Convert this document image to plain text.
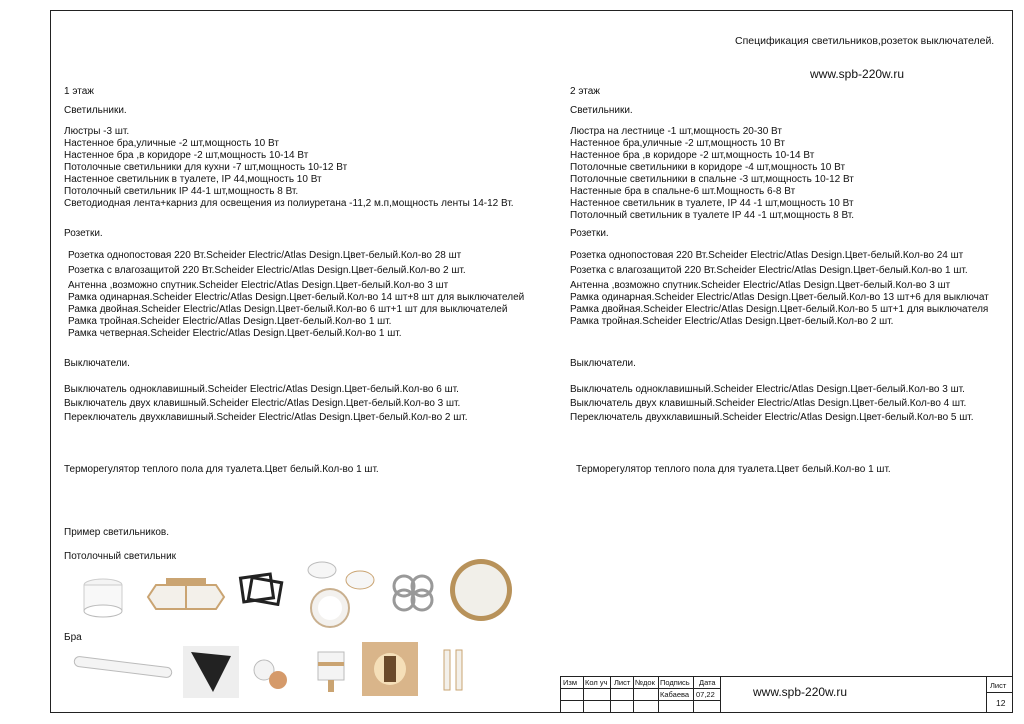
Спецификация светильников,розеток выключателей.
www.spb-220w.ru
1 этаж
Светильники.
Люстры -3 шт.
Настенное бра,уличные -2 шт,мощность 10 Вт
Настенное бра ,в коридоре -2 шт,мощность 10-14 Вт
Потолочные светильники для кухни -7 шт,мощность 10-12 Вт
Настенное светильник в туалете, IP 44,мощность 10 Вт
Потолочный светильник IP 44-1 шт,мощность 8 Вт.
Светодиодная лента+карниз для освещения из полиуретана -11,2 м.п,мощность ленты 14-12 Вт.
Розетки.
Розетка однопостовая 220 Вт.Scheider Electric/Atlas Design.Цвет-белый.Кол-во 28 шт
Розетка с влагозащитой 220 Вт.Scheider Electric/Atlas Design.Цвет-белый.Кол-во 2 шт.
Антенна ,возможно спутник.Scheider Electric/Atlas Design.Цвет-белый.Кол-во 3 шт
Рамка одинарная.Scheider Electric/Atlas Design.Цвет-белый.Кол-во 14 шт+8 шт для выключателей
Рамка двойная.Scheider Electric/Atlas Design.Цвет-белый.Кол-во 6 шт+1 шт для выключателей
Рамка тройная.Scheider Electric/Atlas Design.Цвет-белый.Кол-во 1 шт.
Рамка четверная.Scheider Electric/Atlas Design.Цвет-белый.Кол-во 1 шт.
Выключатели.
Выключатель одноклавишный.Scheider Electric/Atlas Design.Цвет-белый.Кол-во 6 шт.
Выключатель двух клавишный.Scheider Electric/Atlas Design.Цвет-белый.Кол-во 3 шт.
Переключатель двухклавишный.Scheider Electric/Atlas Design.Цвет-белый.Кол-во 2 шт.
Терморегулятор теплого пола для туалета.Цвет белый.Кол-во 1 шт.
2 этаж
Светильники.
Люстра на лестнице -1 шт,мощность 20-30 Вт
Настенное бра,уличные -2 шт,мощность 10 Вт
Настенное бра ,в коридоре -2 шт,мощность 10-14 Вт
Потолочные светильники в коридоре -4 шт,мощность 10 Вт
Потолочные светильники в спальне -3 шт,мощность 10-12 Вт
Настенные бра в спальне-6 шт.Мощность 6-8 Вт
Настенное светильник в туалете, IP 44 -1 шт,мощность 10 Вт
Потолочный светильник в туалете IP 44 -1 шт,мощность 8 Вт.
Розетки.
Розетка однопостовая 220 Вт.Scheider Electric/Atlas Design.Цвет-белый.Кол-во 24 шт
Розетка с влагозащитой 220 Вт.Scheider Electric/Atlas Design.Цвет-белый.Кол-во 1 шт.
Антенна ,возможно спутник.Scheider Electric/Atlas Design.Цвет-белый.Кол-во 3 шт
Рамка одинарная.Scheider Electric/Atlas Design.Цвет-белый.Кол-во 13 шт+6 для выключат
Рамка двойная.Scheider Electric/Atlas Design.Цвет-белый.Кол-во 5 шт+1 для выключателя
Рамка тройная.Scheider Electric/Atlas Design.Цвет-белый.Кол-во 2 шт.
Выключатели.
Выключатель одноклавишный.Scheider Electric/Atlas Design.Цвет-белый.Кол-во 3 шт.
Выключатель двух клавишный.Scheider Electric/Atlas Design.Цвет-белый.Кол-во 4 шт.
Переключатель двухклавишный.Scheider Electric/Atlas Design.Цвет-белый.Кол-во 5 шт.
Терморегулятор теплого пола для туалета.Цвет белый.Кол-во 1 шт.
Пример светильников.
Потолочный светильник
Бра
Изм Кол уч Лист №док Подпись Дата
Кабаева 07,22	www.spb-220w.ru	Лист
12
